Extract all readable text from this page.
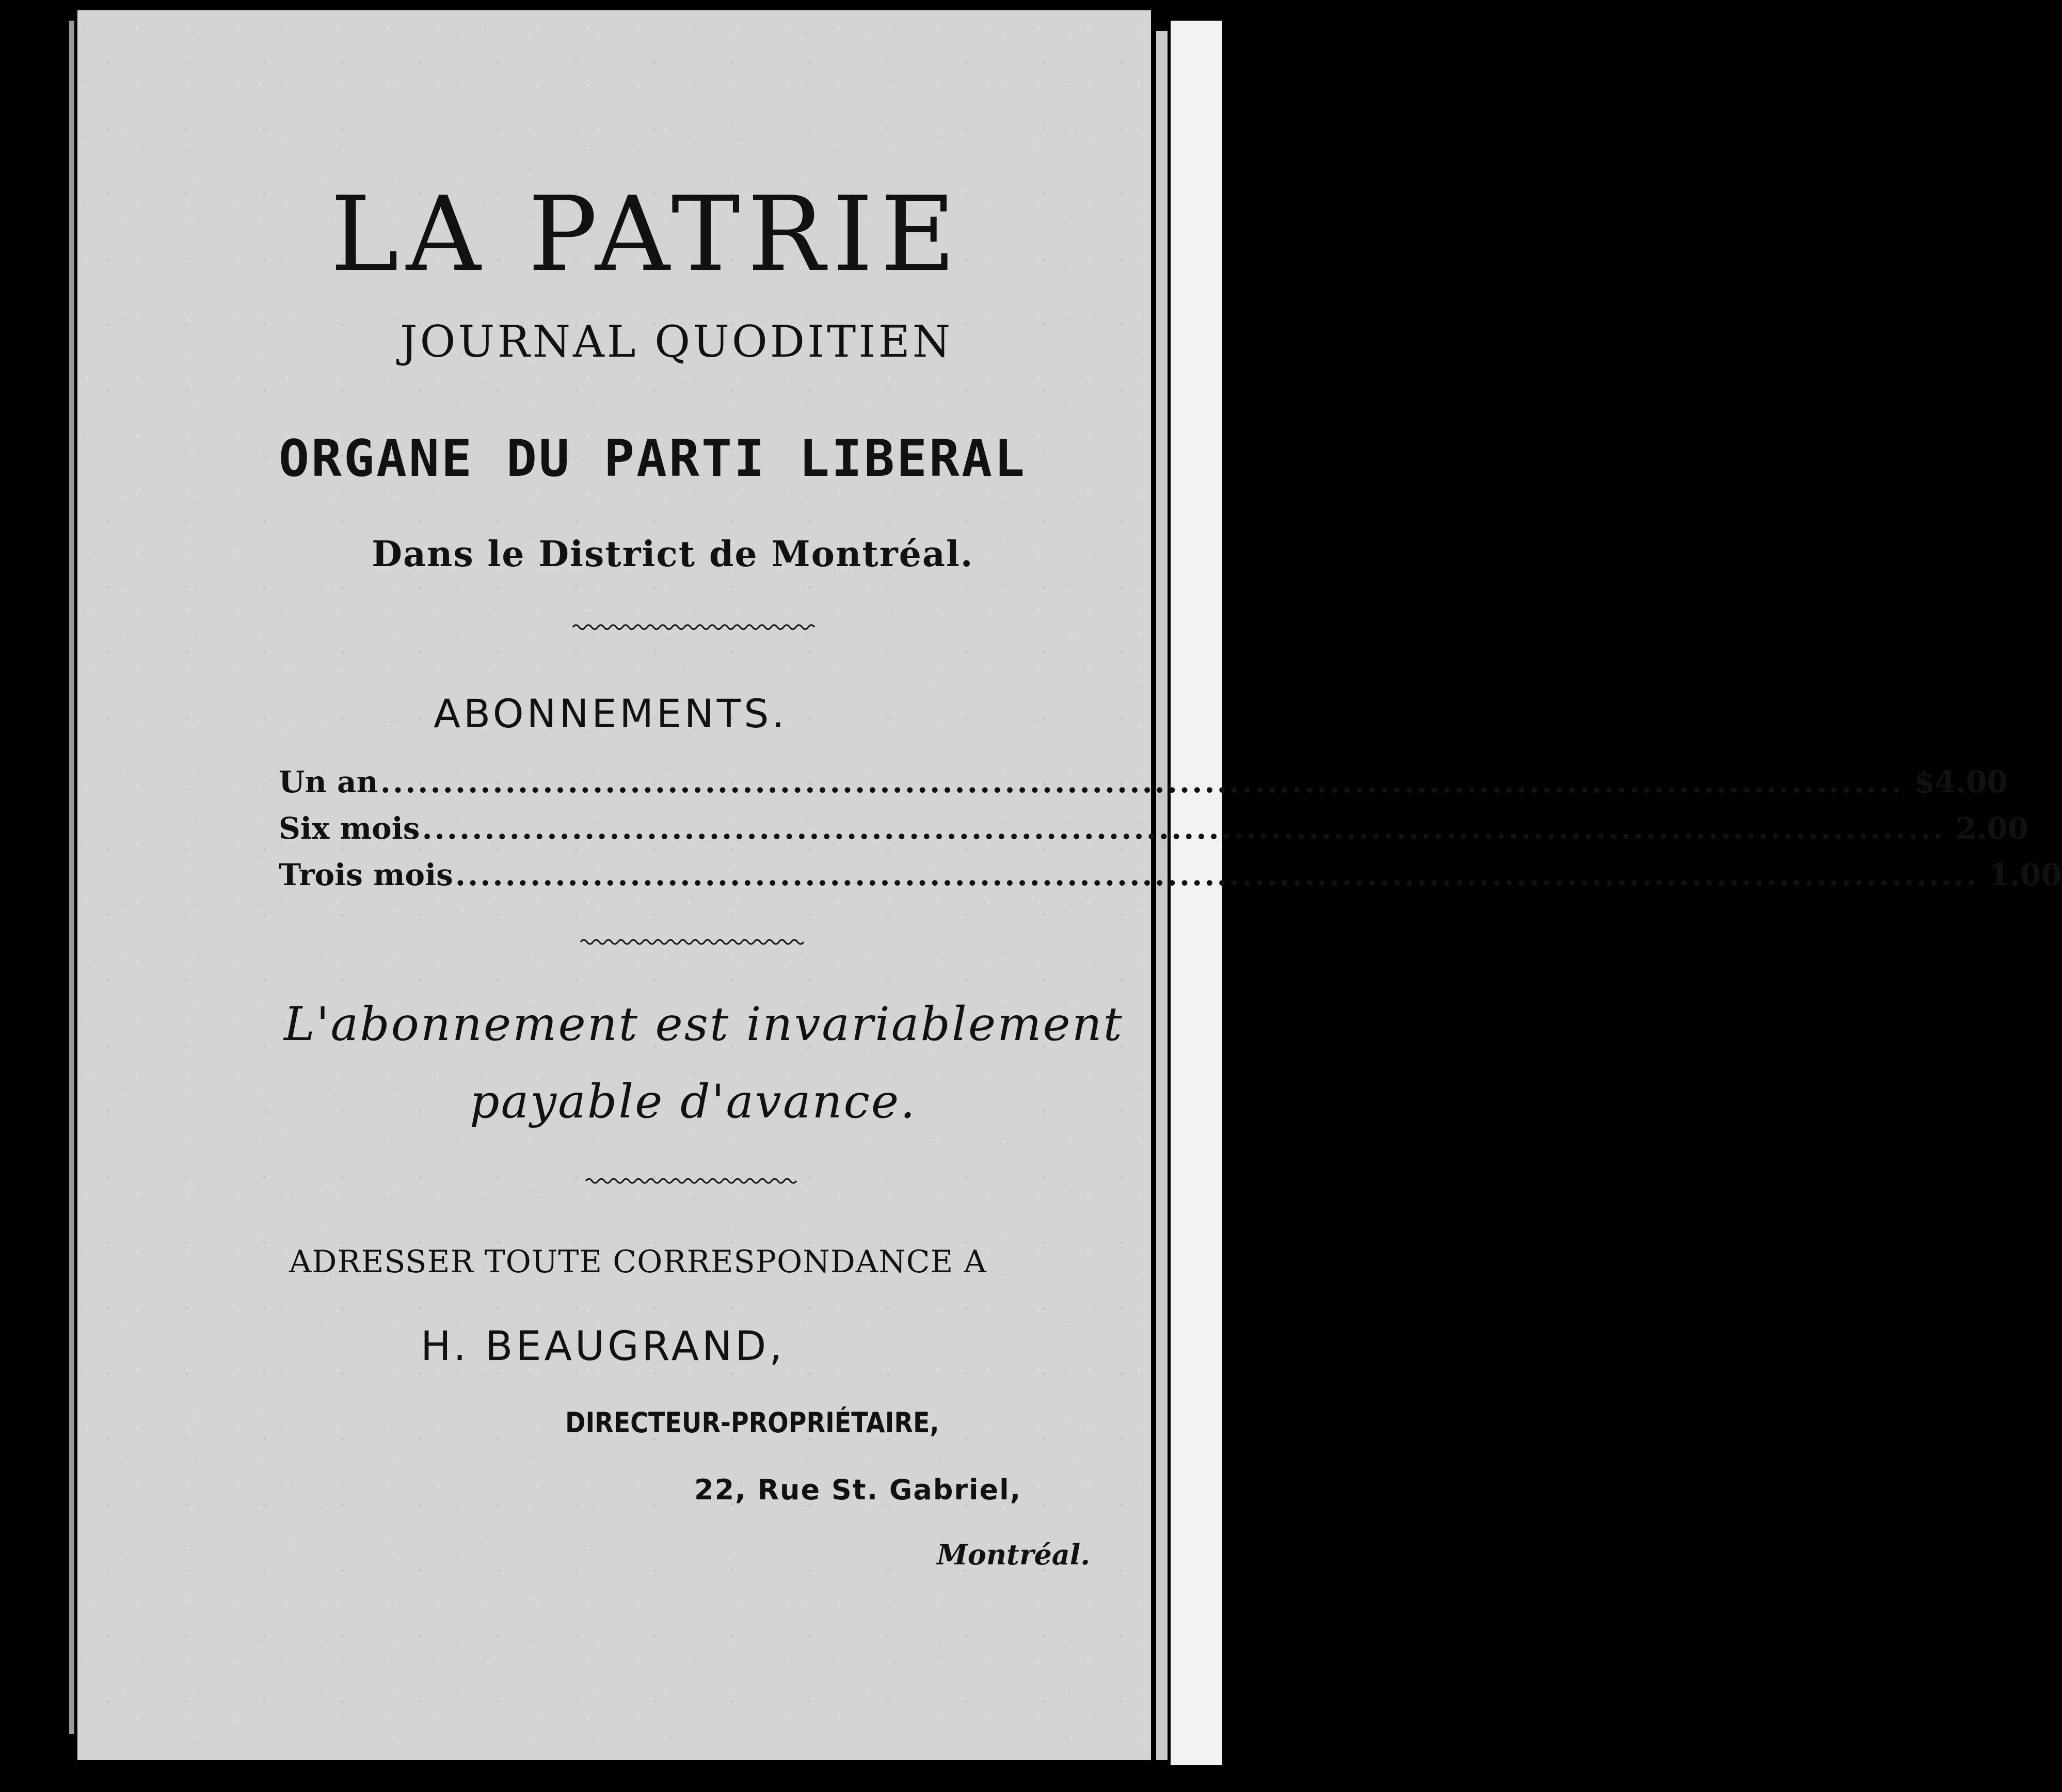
LA PATRIE
JOURNAL QUODITIEN
ORGANE DU PARTI LIBERAL
Dans le District de Montréal.
ABONNEMENTS.
Un an .......................................................................................................................... $4.00
Six mois .......................................................................................................................... 2.00
Trois mois .......................................................................................................................... 1.00
L'abonnement est invariablement
payable d'avance.
ADRESSER TOUTE CORRESPONDANCE A
H. BEAUGRAND,
DIRECTEUR-PROPRIÉTAIRE,
22, Rue St. Gabriel,
Montréal.
